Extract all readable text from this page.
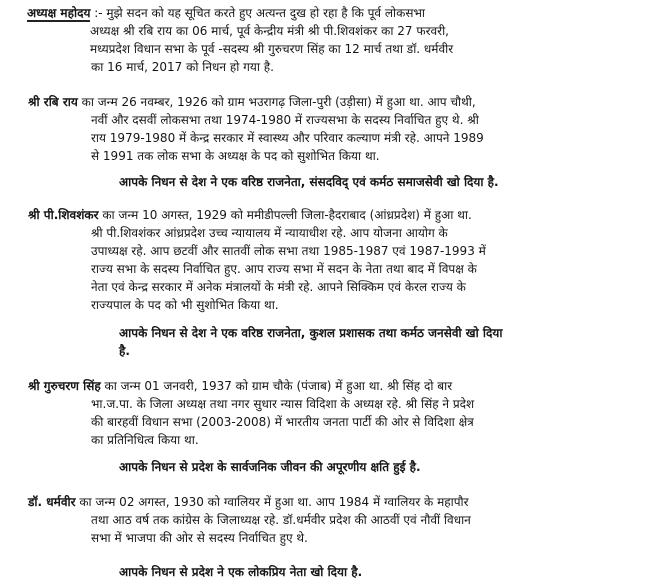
अध्यक्ष महोदय :- मुझे सदन को यह सूचित करते हुए अत्यन्त दुख हो रहा है कि पूर्व लोकसभा
अध्यक्ष श्री रबि राय का 06 मार्च, पूर्व केन्द्रीय मंत्री श्री पी.शिवशंकर का 27 फरवरी,
मध्यप्रदेश विधान सभा के पूर्व -सदस्य श्री गुरुचरण सिंह का 12 मार्च तथा डॉ. धर्मवीर
का 16 मार्च, 2017 को निधन हो गया है.
श्री रबि राय का जन्म 26 नवम्बर, 1926 को ग्राम भउरागढ़ जिला-पुरी (उड़ीसा) में हुआ था. आप चौथी,
नवीं और दसवीं लोकसभा तथा 1974-1980 में राज्यसभा के सदस्य निर्वाचित हुए थे. श्री
राय 1979-1980 में केन्द्र सरकार में स्वास्थ्य और परिवार कल्याण मंत्री रहे. आपने 1989
से 1991 तक लोक सभा के अध्यक्ष के पद को सुशोभित किया था.
आपके निधन से देश ने एक वरिष्ठ राजनेता, संसदविद् एवं कर्मठ समाजसेवी खो दिया है.
श्री पी.शिवशंकर का जन्म 10 अगस्त, 1929 को ममीडीपल्ली जिला-हैदराबाद (आंध्रप्रदेश) में हुआ था.
श्री पी.शिवशंकर आंध्रप्रदेश उच्च न्यायालय में न्यायाधीश रहे. आप योजना आयोग के
उपाध्यक्ष रहे. आप छटवीं और सातवीं लोक सभा तथा 1985-1987 एवं 1987-1993 में
राज्य सभा के सदस्य निर्वाचित हुए. आप राज्य सभा में सदन के नेता तथा बाद में विपक्ष के
नेता एवं केन्द्र सरकार में अनेक मंत्रालयों के मंत्री रहे. आपने सिक्किम एवं केरल राज्य के
राज्यपाल के पद को भी सुशोभित किया था.
आपके निधन से देश ने एक वरिष्ठ राजनेता, कुशल प्रशासक तथा कर्मठ जनसेवी खो दिया
है.
श्री गुरुचरण सिंह का जन्म 01 जनवरी, 1937 को ग्राम चौके (पंजाब) में हुआ था. श्री सिंह दो बार
भा.ज.पा. के जिला अध्यक्ष तथा नगर सुधार न्यास विदिशा के अध्यक्ष रहे. श्री सिंह ने प्रदेश
की बारहवीं विधान सभा (2003-2008) में भारतीय जनता पार्टी की ओर से विदिशा क्षेत्र
का प्रतिनिधित्व किया था.
आपके निधन से प्रदेश के सार्वजनिक जीवन की अपूरणीय क्षति हुई है.
डॉ. धर्मवीर का जन्म 02 अगस्त, 1930 को ग्वालियर में हुआ था. आप 1984 में ग्वालियर के महापौर
तथा आठ वर्ष तक कांग्रेस के जिलाध्यक्ष रहे. डॉ.धर्मवीर प्रदेश की आठवीं एवं नौवीं विधान
सभा में भाजपा की ओर से सदस्य निर्वाचित हुए थे.
आपके निधन से प्रदेश ने एक लोकप्रिय नेता खो दिया है.
